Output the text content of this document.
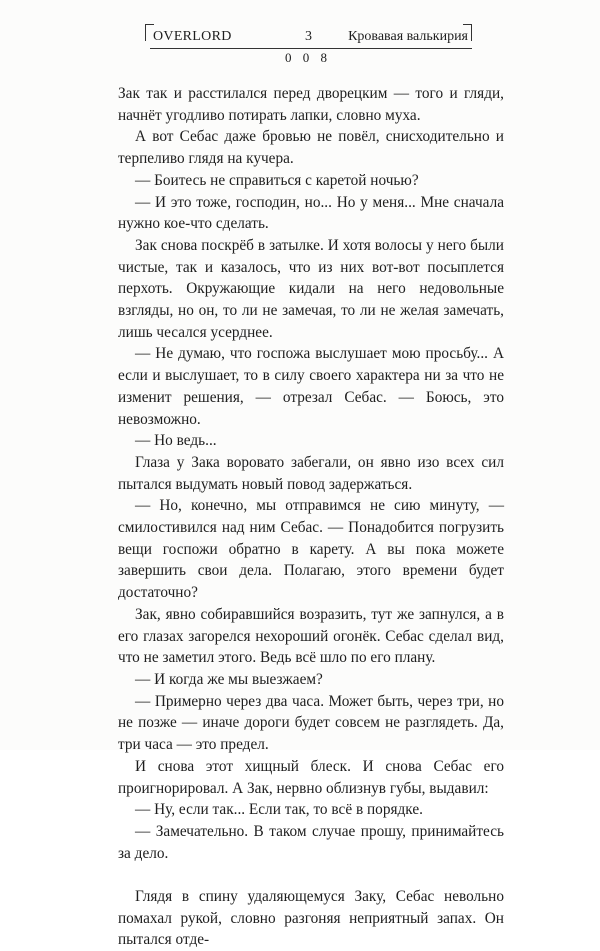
OVERLORD	3	Кровавая валькирия
0 0 8

Зак так и расстилался перед дворецким — того и гляди, начнёт угодливо потирать лапки, словно муха.

А вот Себас даже бровью не повёл, снисходительно и терпеливо глядя на кучера.

— Боитесь не справиться с каретой ночью?

— И это тоже, господин, но... Но у меня... Мне сначала нужно кое-что сделать.

Зак снова поскрёб в затылке. И хотя волосы у него были чистые, так и казалось, что из них вот-вот посыплется перхоть. Окружающие кидали на него недовольные взгляды, но он, то ли не замечая, то ли не желая замечать, лишь чесался усерднее.

— Не думаю, что госпожа выслушает мою просьбу... А если и выслушает, то в силу своего характера ни за что не изменит решения, — отрезал Себас. — Боюсь, это невозможно.

— Но ведь...

Глаза у Зака воровато забегали, он явно изо всех сил пытался выдумать новый повод задержаться.

— Но, конечно, мы отправимся не сию минуту, — смилостивился над ним Себас. — Понадобится погрузить вещи госпожи обратно в карету. А вы пока можете завершить свои дела. Полагаю, этого времени будет достаточно?

Зак, явно собиравшийся возразить, тут же запнулся, а в его глазах загорелся нехороший огонёк. Себас сделал вид, что не заметил этого. Ведь всё шло по его плану.

— И когда же мы выезжаем?

— Примерно через два часа. Может быть, через три, но не позже — иначе дороги будет совсем не разглядеть. Да, три часа — это предел.

И снова этот хищный блеск. И снова Себас его проигнорировал. А Зак, нервно облизнув губы, выдавил:

— Ну, если так... Если так, то всё в порядке.

— Замечательно. В таком случае прошу, принимайтесь за дело.

Глядя в спину удаляющемуся Заку, Себас невольно помахал рукой, словно разгоняя неприятный запах. Он пытался отде-
